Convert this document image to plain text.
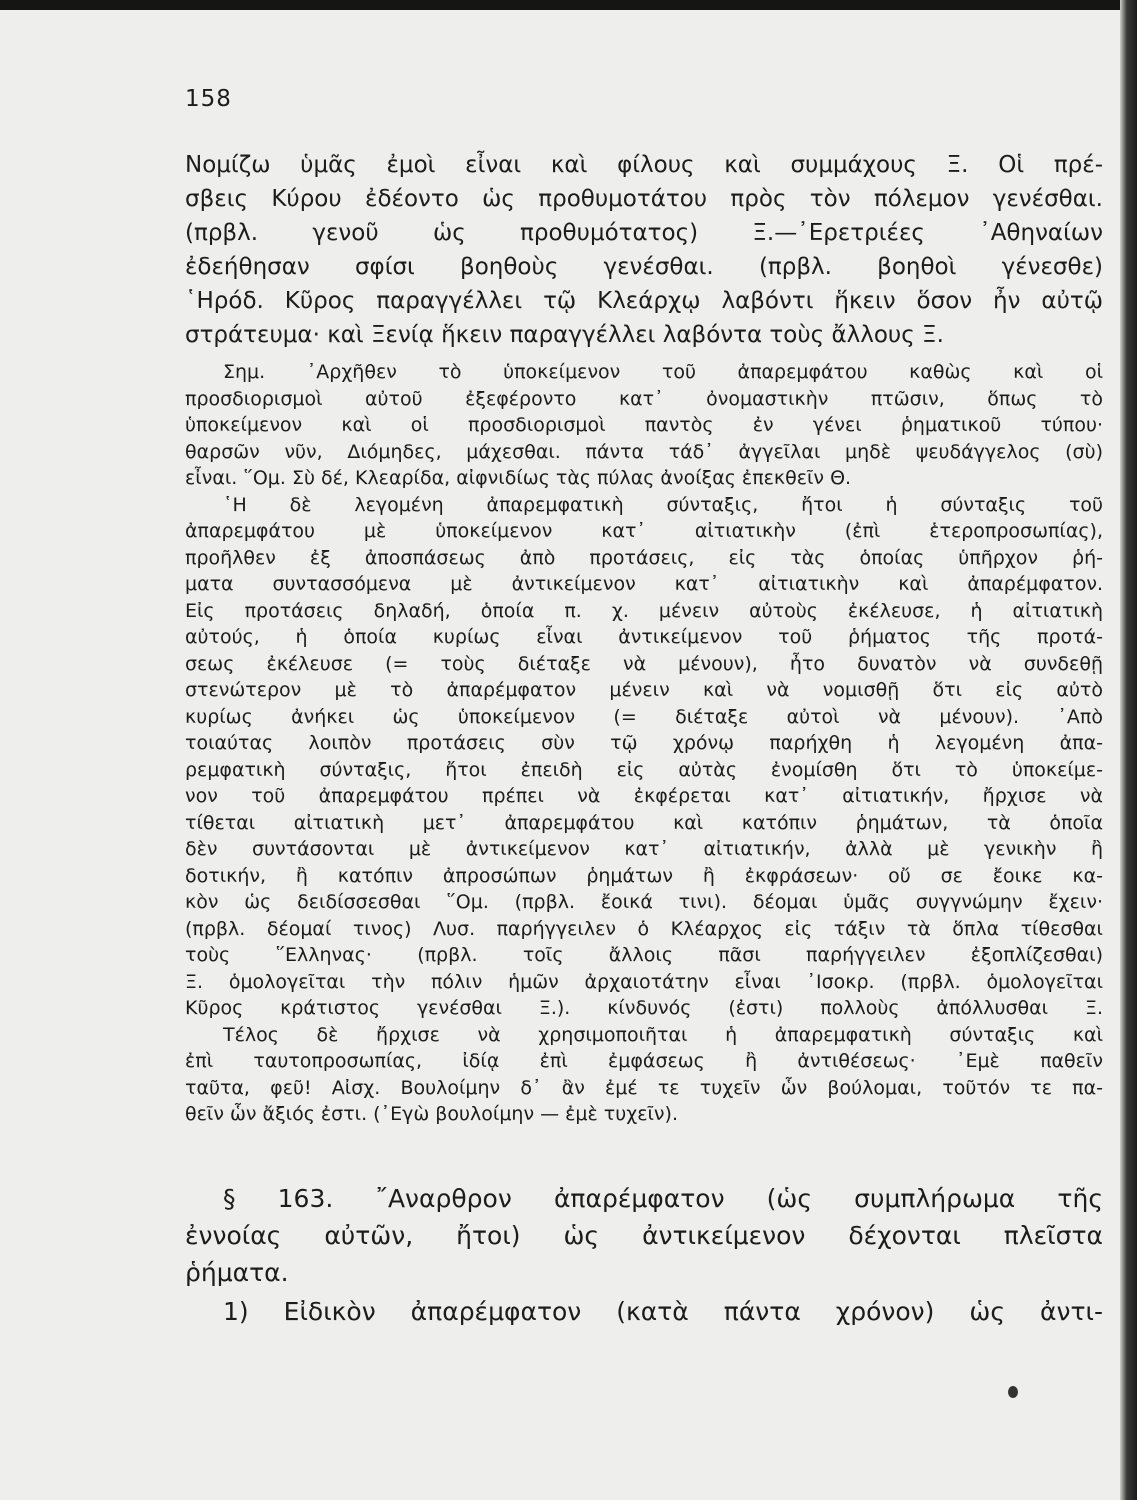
158
Νομίζω ὑμᾶς ἐμοὶ εἶναι καὶ φίλους καὶ συμμάχους Ξ. Οἱ πρέ-
σβεις Κύρου ἐδέοντο ὡς προθυμοτάτου πρὸς τὸν πόλεμον γενέσθαι.
(πρβλ. γενοῦ ὡς προθυμότατος) Ξ.—᾿Ερετριέες ᾿Αθηναίων
ἐδεήθησαν σφίσι βοηθοὺς γενέσθαι. (πρβλ. βοηθοὶ γένεσθε)
῾Ηρόδ. Κῦρος παραγγέλλει τῷ Κλεάρχῳ λαβόντι ἥκειν ὅσον ἦν αὐτῷ
στράτευμα· καὶ Ξενίᾳ ἥκειν παραγγέλλει λαβόντα τοὺς ἄλλους Ξ.
Σημ. ᾿Αρχῆθεν τὸ ὑποκείμενον τοῦ ἀπαρεμφάτου καθὼς καὶ οἱ
προσδιορισμοὶ αὐτοῦ ἐξεφέροντο κατ᾿ ὀνομαστικὴν πτῶσιν, ὅπως τὸ
ὑποκείμενον καὶ οἱ προσδιορισμοὶ παντὸς ἐν γένει ῥηματικοῦ τύπου·
θαρσῶν νῦν, Διόμηδες, μάχεσθαι. πάντα τάδ᾿ ἀγγεῖλαι μηδὲ ψευδάγγελος (σὺ)
εἶναι. ῞Ομ. Σὺ δέ, Κλεαρίδα, αἰφνιδίως τὰς πύλας ἀνοίξας ἐπεκθεῖν Θ.
῾Η δὲ λεγομένη ἀπαρεμφατικὴ σύνταξις, ἤτοι ἡ σύνταξις τοῦ
ἀπαρεμφάτου μὲ ὑποκείμενον κατ᾿ αἰτιατικὴν (ἐπὶ ἑτεροπροσωπίας),
προῆλθεν ἐξ ἀποσπάσεως ἀπὸ προτάσεις, εἰς τὰς ὁποίας ὑπῆρχον ῥή-
ματα συντασσόμενα μὲ ἀντικείμενον κατ᾿ αἰτιατικὴν καὶ ἀπαρέμφατον.
Εἰς προτάσεις δηλαδή, ὁποία π. χ. μένειν αὐτοὺς ἐκέλευσε, ἡ αἰτιατικὴ
αὐτούς, ἡ ὁποία κυρίως εἶναι ἀντικείμενον τοῦ ῥήματος τῆς προτά-
σεως ἐκέλευσε (= τοὺς διέταξε νὰ μένουν), ἦτο δυνατὸν νὰ συνδεθῇ
στενώτερον μὲ τὸ ἀπαρέμφατον μένειν καὶ νὰ νομισθῇ ὅτι εἰς αὐτὸ
κυρίως ἀνήκει ὡς ὑποκείμενον (= διέταξε αὐτοὶ νὰ μένουν). ᾿Απὸ
τοιαύτας λοιπὸν προτάσεις σὺν τῷ χρόνῳ παρήχθη ἡ λεγομένη ἀπα-
ρεμφατικὴ σύνταξις, ἤτοι ἐπειδὴ εἰς αὐτὰς ἐνομίσθη ὅτι τὸ ὑποκείμε-
νον τοῦ ἀπαρεμφάτου πρέπει νὰ ἐκφέρεται κατ᾿ αἰτιατικήν, ἤρχισε νὰ
τίθεται αἰτιατικὴ μετ᾿ ἀπαρεμφάτου καὶ κατόπιν ῥημάτων, τὰ ὁποῖα
δὲν συντάσονται μὲ ἀντικείμενον κατ᾿ αἰτιατικήν, ἀλλὰ μὲ γενικὴν ἢ
δοτικήν, ἢ κατόπιν ἀπροσώπων ῥημάτων ἢ ἐκφράσεων· οὔ σε ἔοικε κα-
κὸν ὡς δειδίσσεσθαι ῞Ομ. (πρβλ. ἔοικά τινι). δέομαι ὑμᾶς συγγνώμην ἔχειν·
(πρβλ. δέομαί τινος) Λυσ. παρήγγειλεν ὁ Κλέαρχος εἰς τάξιν τὰ ὅπλα τίθεσθαι
τοὺς ῞Ελληνας· (πρβλ. τοῖς ἄλλοις πᾶσι παρήγγειλεν ἐξοπλίζεσθαι)
Ξ. ὁμολογεῖται τὴν πόλιν ἡμῶν ἀρχαιοτάτην εἶναι ᾿Ισοκρ. (πρβλ. ὁμολογεῖται
Κῦρος κράτιστος γενέσθαι Ξ.). κίνδυνός (ἐστι) πολλοὺς ἀπόλλυσθαι Ξ.
Τέλος δὲ ἤρχισε νὰ χρησιμοποιῆται ἡ ἀπαρεμφατικὴ σύνταξις καὶ
ἐπὶ ταυτοπροσωπίας, ἰδίᾳ ἐπὶ ἐμφάσεως ἢ ἀντιθέσεως· ᾿Εμὲ παθεῖν
ταῦτα, φεῦ! Αἰσχ. Βουλοίμην δ᾿ ἂν ἐμέ τε τυχεῖν ὧν βούλομαι, τοῦτόν τε πα-
θεῖν ὧν ἄξιός ἐστι. (᾿Εγὼ βουλοίμην — ἐμὲ τυχεῖν).
§ 163. ῎Αναρθρον ἀπαρέμφατον (ὡς συμπλήρωμα τῆς
ἐννοίας αὐτῶν, ἤτοι) ὡς ἀντικείμενον δέχονται πλεῖστα
ῥήματα.
1) Εἰδικὸν ἀπαρέμφατον (κατὰ πάντα χρόνον) ὡς ἀντι-
